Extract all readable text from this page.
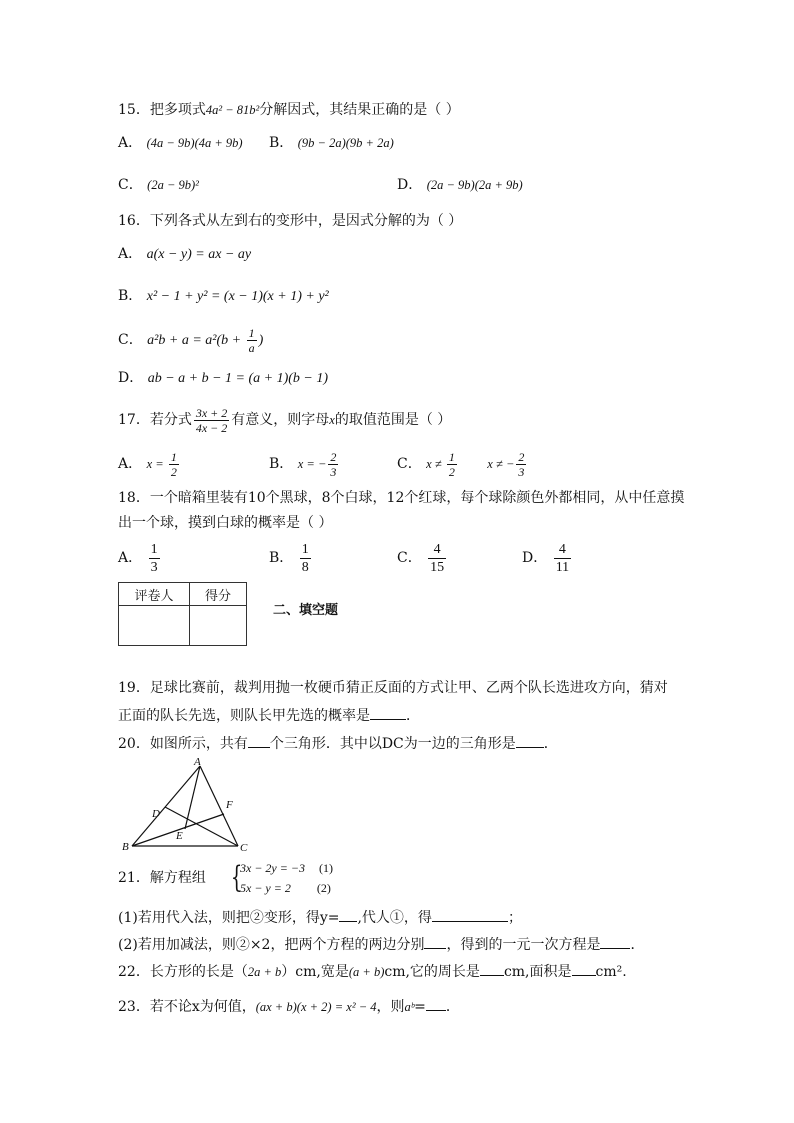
15．把多项式4a² − 81b²分解因式，其结果正确的是（ ）
A． (4a − 9b)(4a + 9b) B． (9b − 2a)(9b + 2a)
C． (2a − 9b)²	D． (2a − 9b)(2a + 9b)
16．下列各式从左到右的变形中，是因式分解的为（ ）
A． a(x − y) = ax − ay
B． x² − 1 + y² = (x − 1)(x + 1) + y²
C． $a^2b + a = a^2(b + \frac{1}{a}$ )
D． ab − a + b − 1 = (a + 1)(b − 1)
17．若分式 $\frac{3x + 2}{4x - 2}$ 有意义，则字母x的取值范围是（ ）
A． $x = \frac{1}{2}$	B． x = − $\frac{2}{3}$	C． $x \ne \frac{1}{2}$ x ≠ − $\frac{2}{3}$
18．一个暗箱里装有10个黑球，8个白球，12个红球，每个球除颜色外都相同，从中任意摸
出一个球，摸到白球的概率是（ ）
A． $\frac{1}{3}$	B． $\frac{1}{8}$	C． $\frac{4}{15}$	D． $\frac{4}{11}$
评卷人	得分

二、填空题
19．足球比赛前，裁判用抛一枚硬币猜正反面的方式让甲、乙两个队长选进攻方向，猜对
正面的队长先选，则队长甲先选的概率是	．
20．如图所示，共有 个三角形．其中以DC为一边的三角形是 ．
A
B	C
D
E
F
21．解方程组 {
3x − 2y = −3 (1)
5x − y = 2 (2)
(1)若用代入法，则把②变形，得y= ,代人①，得	；
(2)若用加减法，则②×2，把两个方程的两边分别 ，得到的一元一次方程是 ．
22．长方形的长是（2a + b）cm,宽是(a + b)cm,它的周长是 cm,面积是 cm².
23．若不论x为何值，(ax + b)(x + 2) = x² − 4，则aᵇ= ．
